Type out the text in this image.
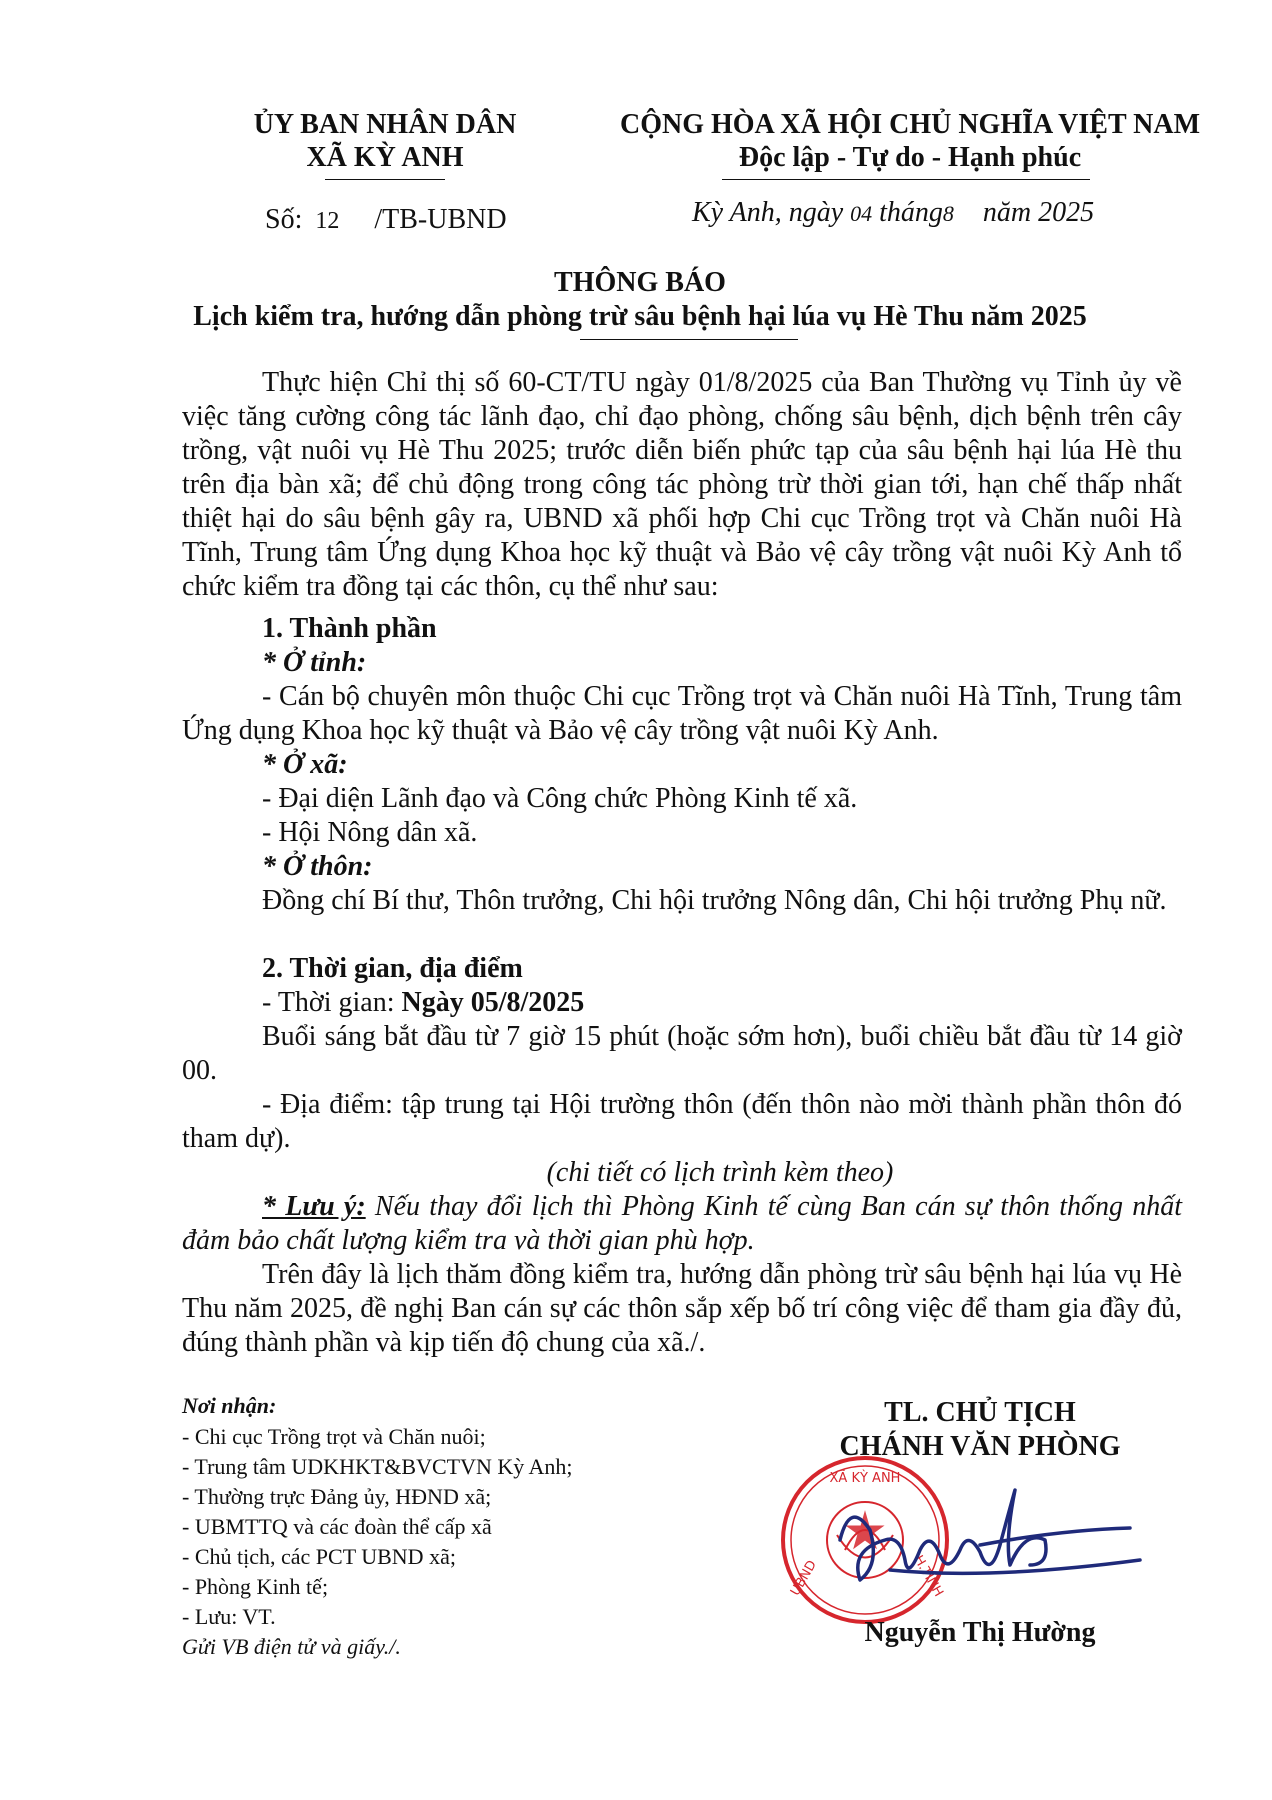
ỦY BAN NHÂN DÂN
XÃ KỲ ANH
CỘNG HÒA XÃ HỘI CHỦ NGHĨA VIỆT NAM
Độc lập - Tự do - Hạnh phúc
Số: 12 /TB-UBND	Kỳ Anh, ngày 04 tháng8 năm 2025
THÔNG BÁO
Lịch kiểm tra, hướng dẫn phòng trừ sâu bệnh hại lúa vụ Hè Thu năm 2025
Thực hiện Chỉ thị số 60-CT/TU ngày 01/8/2025 của Ban Thường vụ Tỉnh ủy về việc tăng cường công tác lãnh đạo, chỉ đạo phòng, chống sâu bệnh, dịch bệnh trên cây trồng, vật nuôi vụ Hè Thu 2025; trước diễn biến phức tạp của sâu bệnh hại lúa Hè thu trên địa bàn xã; để chủ động trong công tác phòng trừ thời gian tới, hạn chế thấp nhất thiệt hại do sâu bệnh gây ra, UBND xã phối hợp Chi cục Trồng trọt và Chăn nuôi Hà Tĩnh, Trung tâm Ứng dụng Khoa học kỹ thuật và Bảo vệ cây trồng vật nuôi Kỳ Anh tổ chức kiểm tra đồng tại các thôn, cụ thể như sau:
1. Thành phần
* Ở tỉnh:
- Cán bộ chuyên môn thuộc Chi cục Trồng trọt và Chăn nuôi Hà Tĩnh, Trung tâm Ứng dụng Khoa học kỹ thuật và Bảo vệ cây trồng vật nuôi Kỳ Anh.
* Ở xã:
- Đại diện Lãnh đạo và Công chức Phòng Kinh tế xã.
- Hội Nông dân xã.
* Ở thôn:
Đồng chí Bí thư, Thôn trưởng, Chi hội trưởng Nông dân, Chi hội trưởng Phụ nữ.
2. Thời gian, địa điểm
- Thời gian: Ngày 05/8/2025
Buổi sáng bắt đầu từ 7 giờ 15 phút (hoặc sớm hơn), buổi chiều bắt đầu từ 14 giờ 00.
- Địa điểm: tập trung tại Hội trường thôn (đến thôn nào mời thành phần thôn đó tham dự).
(chi tiết có lịch trình kèm theo)
* Lưu ý: Nếu thay đổi lịch thì Phòng Kinh tế cùng Ban cán sự thôn thống nhất đảm bảo chất lượng kiểm tra và thời gian phù hợp.
Trên đây là lịch thăm đồng kiểm tra, hướng dẫn phòng trừ sâu bệnh hại lúa vụ Hè Thu năm 2025, đề nghị Ban cán sự các thôn sắp xếp bố trí công việc để tham gia đầy đủ, đúng thành phần và kịp tiến độ chung của xã./.
Nơi nhận:
- Chi cục Trồng trọt và Chăn nuôi;
- Trung tâm UDKHKT&BVCTVN Kỳ Anh;
- Thường trực Đảng ủy, HĐND xã;
- UBMTTQ và các đoàn thể cấp xã
- Chủ tịch, các PCT UBND xã;
- Phòng Kinh tế;
- Lưu: VT.
Gửi VB điện tử và giấy./.
TL. CHỦ TỊCH
CHÁNH VĂN PHÒNG
XÃ KỲ ANH
UBND	H.TĨNH
Nguyễn Thị Hường
